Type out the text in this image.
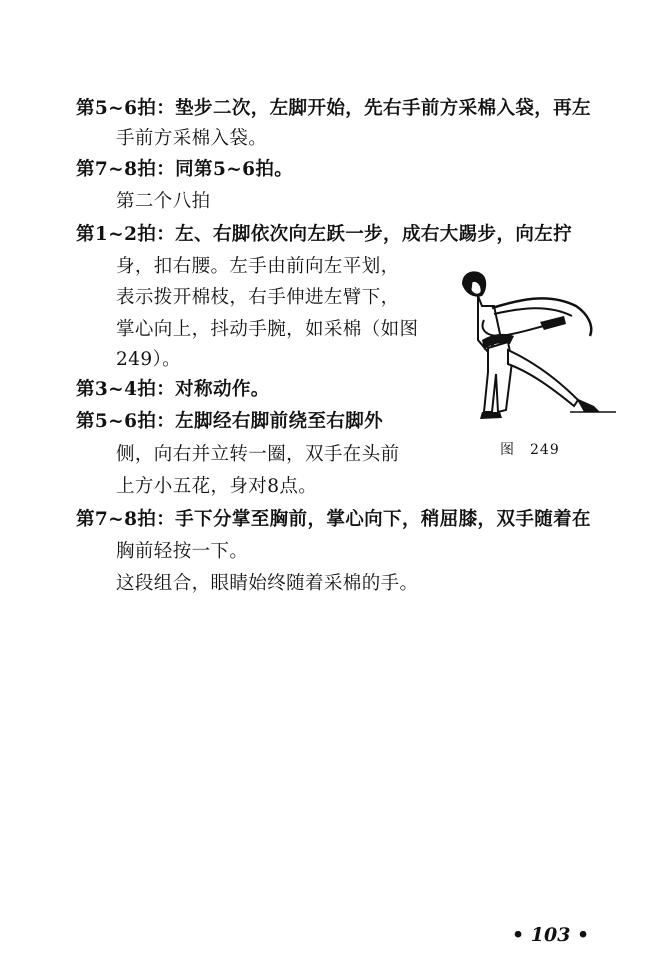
第5~6拍：垫步二次，左脚开始，先右手前方采棉入袋，再左
手前方采棉入袋。
第7~8拍：同第5~6拍。
第二个八拍
第1~2拍：左、右脚依次向左跃一步，成右大踢步，向左拧
身，扣右腰。左手由前向左平划，
表示拨开棉枝，右手伸进左臂下，
掌心向上，抖动手腕，如采棉（如图
249）。
第3~4拍：对称动作。
第5~6拍：左脚经右脚前绕至右脚外
侧，向右并立转一圈，双手在头前
上方小五花，身对8点。
第7~8拍：手下分掌至胸前，掌心向下，稍屈膝，双手随着在
胸前轻按一下。
这段组合，眼睛始终随着采棉的手。
图　249
• 103 •
